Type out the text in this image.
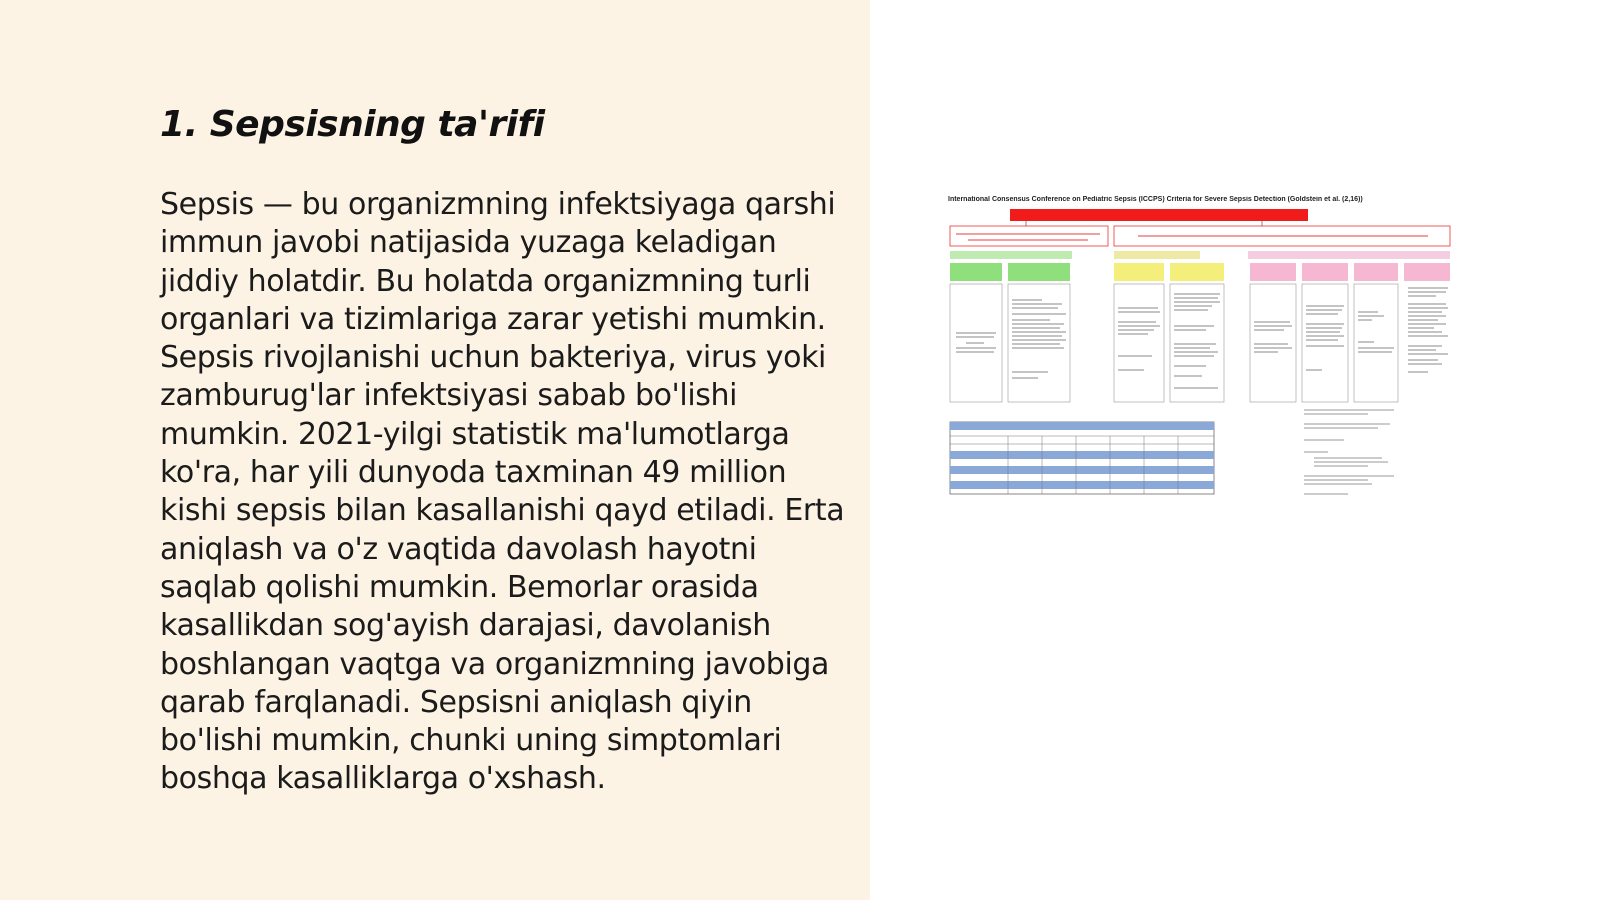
1. Sepsisning ta'rifi

Sepsis — bu organizmning infektsiyaga qarshi immun javobi natijasida yuzaga keladigan jiddiy holatdir. Bu holatda organizmning turli organlari va tizimlariga zarar yetishi mumkin. Sepsis rivojlanishi uchun bakteriya, virus yoki zamburug'lar infektsiyasi sabab bo'lishi mumkin. 2021-yilgi statistik ma'lumotlarga ko'ra, har yili dunyoda taxminan 49 million kishi sepsis bilan kasallanishi qayd etiladi. Erta aniqlash va o'z vaqtida davolash hayotni saqlab qolishi mumkin. Bemorlar orasida kasallikdan sog'ayish darajasi, davolanish boshlangan vaqtga va organizmning javobiga qarab farqlanadi. Sepsisni aniqlash qiyin bo'lishi mumkin, chunki uning simptomlari boshqa kasalliklarga o'xshash.

International Consensus Conference on Pediatric Sepsis (ICCPS) Criteria for Severe Sepsis Detection (Goldstein et al. (2,16))
